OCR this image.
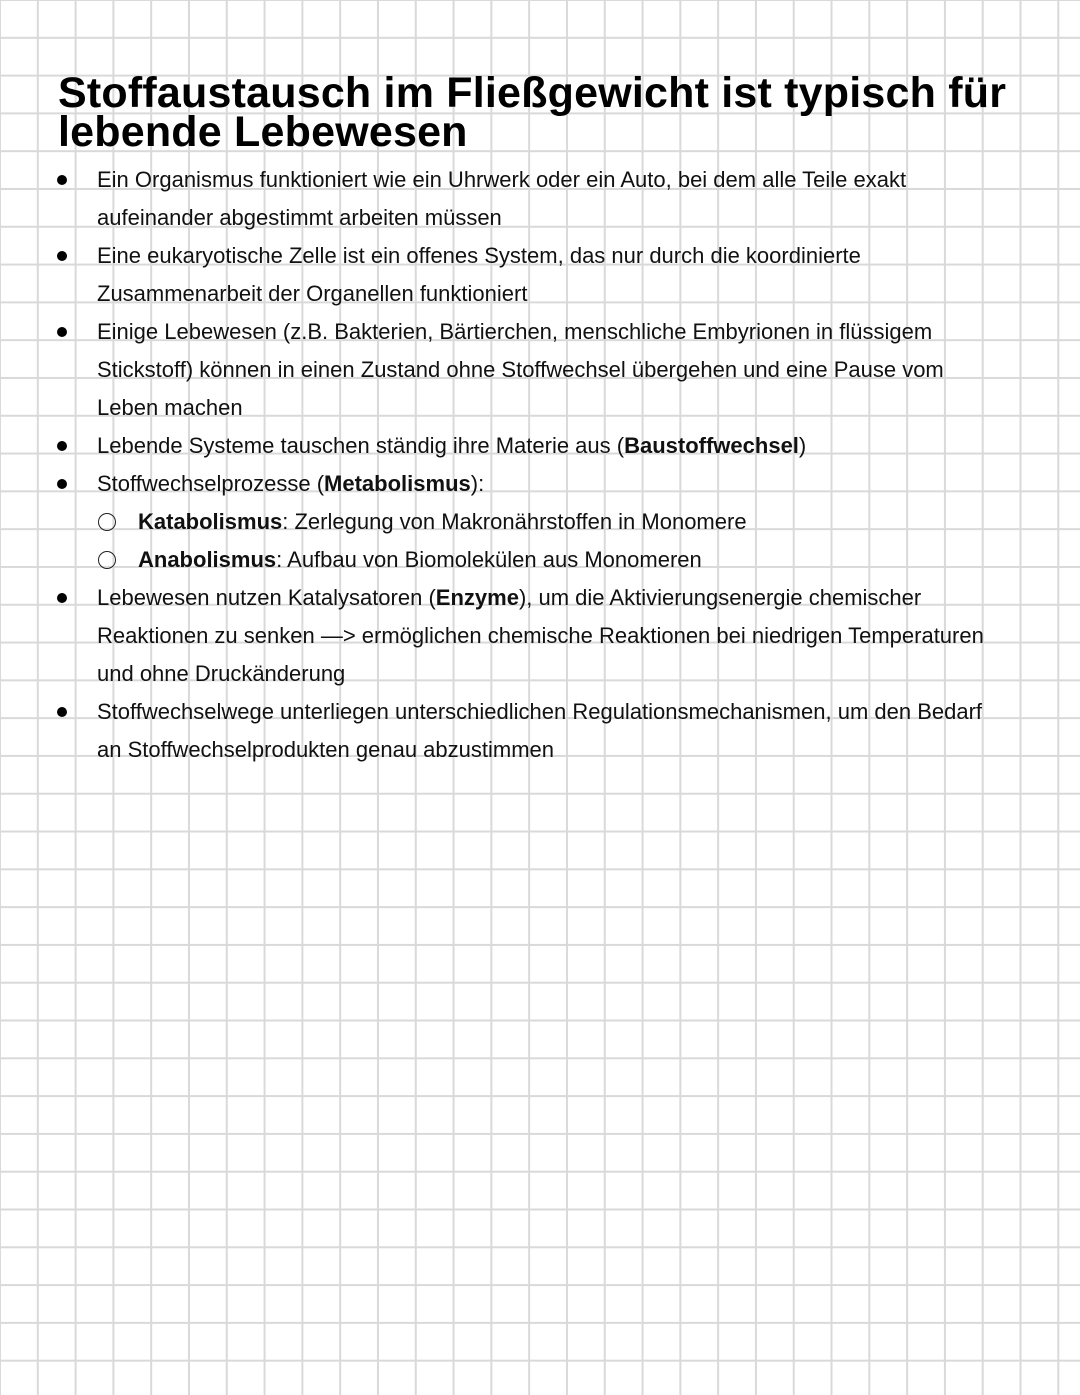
Stoffaustausch im Fließgewicht ist typisch für lebende Lebewesen
Ein Organismus funktioniert wie ein Uhrwerk oder ein Auto, bei dem alle Teile exakt aufeinander abgestimmt arbeiten müssen
Eine eukaryotische Zelle ist ein offenes System, das nur durch die koordinierte Zusammenarbeit der Organellen funktioniert
Einige Lebewesen (z.B. Bakterien, Bärtierchen, menschliche Embyrionen in flüssigem Stickstoff) können in einen Zustand ohne Stoffwechsel übergehen und eine Pause vom Leben machen
Lebende Systeme tauschen ständig ihre Materie aus (Baustoffwechsel)
Stoffwechselprozesse (Metabolismus):
Katabolismus: Zerlegung von Makronährstoffen in Monomere
Anabolismus: Aufbau von Biomolekülen aus Monomeren
Lebewesen nutzen Katalysatoren (Enzyme), um die Aktivierungsenergie chemischer Reaktionen zu senken —> ermöglichen chemische Reaktionen bei niedrigen Temperaturen und ohne Druckänderung
Stoffwechselwege unterliegen unterschiedlichen Regulationsmechanismen, um den Bedarf an Stoffwechselprodukten genau abzustimmen
